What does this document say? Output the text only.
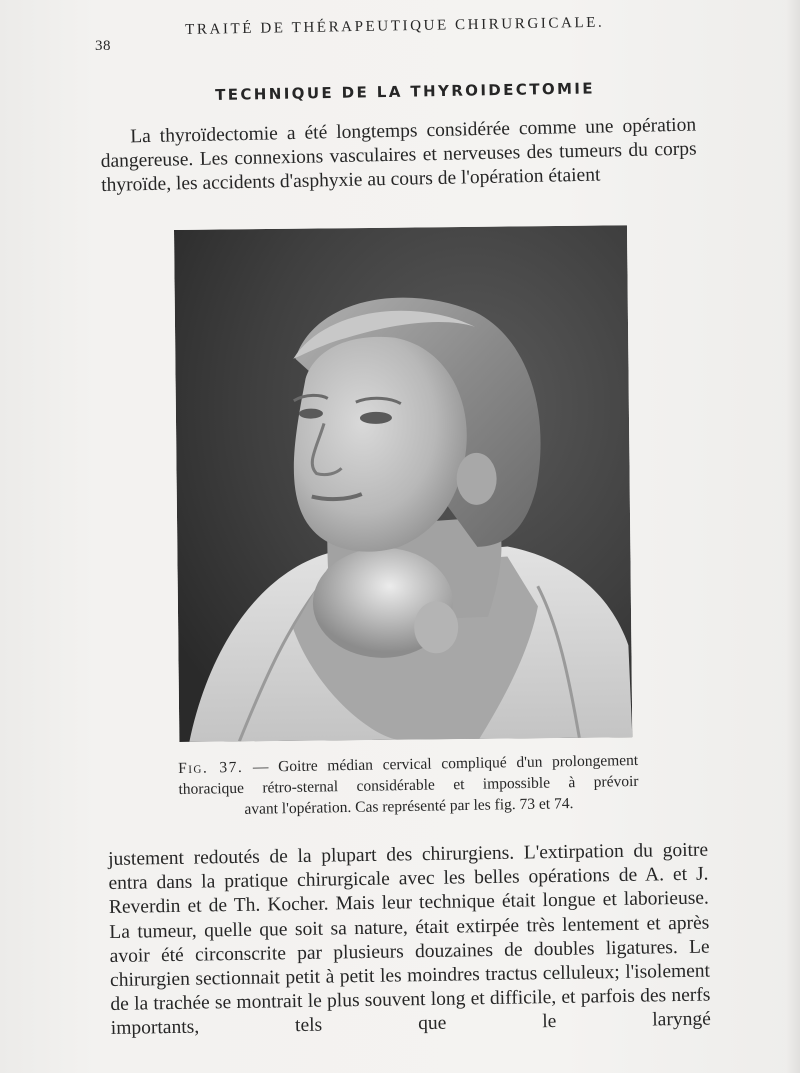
38
TRAITÉ DE THÉRAPEUTIQUE CHIRURGICALE.
TECHNIQUE DE LA THYROIDECTOMIE

La thyroïdectomie a été longtemps considérée comme une opération dangereuse. Les connexions vasculaires et nerveuses des tumeurs du corps thyroïde, les accidents d'asphyxie au cours de l'opération étaient

Fig. 37. — Goitre médian cervical compliqué d'un prolongement
thoracique rétro-sternal considérable et impossible à prévoir
avant l'opération. Cas représenté par les fig. 73 et 74.

justement redoutés de la plupart des chirurgiens. L'extirpation du goitre entra dans la pratique chirurgicale avec les belles opérations de A. et J. Reverdin et de Th. Kocher. Mais leur technique était longue et laborieuse. La tumeur, quelle que soit sa nature, était extirpée très lentement et après avoir été circonscrite par plusieurs douzaines de doubles ligatures. Le chirurgien sectionnait petit à petit les moindres tractus celluleux; l'isolement de la trachée se montrait le plus souvent long et difficile, et parfois des nerfs importants, tels que le laryngé
